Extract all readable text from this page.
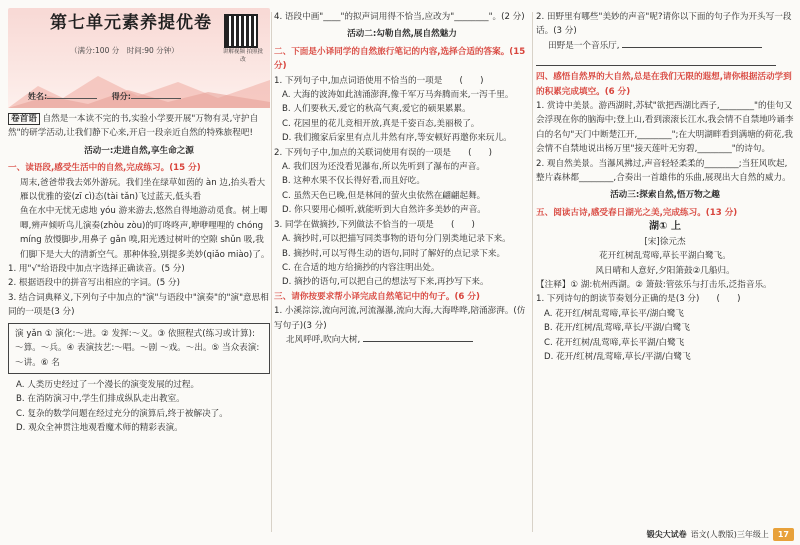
第七单元素养提优卷
（满分:100 分　时间:90 分钟）	讲解视频 拍照批改
姓名:	得分:
卷首语 自然是一本读不完的书,实验小学要开展"万物有灵,守护自然"的研学活动,让我们静下心来,开启一段亲近自然的特殊旅程吧!
活动一:走进自然,享生命之源
一、读语段,感受生活中的自然,完成练习。(15 分)
周末,爸爸带我去郊外游玩。我们坐在绿草如茵的 àn 边,抬头看大雁以优雅的姿(zī cì)态(tài tǎn)飞过蓝天,低头看
鱼在水中无忧无虑地 yóu 游来游去,悠然自得地游动觅食。树上唧唧,辨声倾听鸟儿演奏(zhòu zòu)的叮咚咚声,咿咿哩哩的 chóng míng 放慢脚步,用鼻子 gǎn 嗅,阳光透过树叶的空隙 shǔn 吸,我们脚下是大大的清新空气。那种体验,别提多美妙(qiǎo miào)了。
1. 用"√"给语段中加点字选择正确读音。(5 分)
2. 根据语段中的拼音写出相应的字词。(5 分)
3. 结合词典释义,下列句子中加点的"演"与语段中"演奏"的"演"意思相同的一项是(3 分)
演 yǎn ① 演化:～进。② 发挥:～义。③ 依照程式(练习或计算):～算。～兵。④ 表演技艺:～唱。～剧 ～戏。～出。⑤ 当众表演:～讲。⑥ 名
A. 人类历史经过了一个漫长的演变发展的过程。
B. 在消防演习中,学生们排成纵队走出教室。
C. 复杂的数学问题在经过充分的演算后,终于被解决了。
D. 观众全神贯注地观看魔术师的精彩表演。
4. 语段中画"____"的拟声词用得不恰当,应改为"________"。(2 分)
活动二:勾勒自然,展自然魅力
二、下面是小译同学的自然旅行笔记的内容,选择合适的答案。(15 分)
1. 下列句子中,加点词语使用不恰当的一项是　　(　　)
A. 大海的波涛如此汹涌澎湃,像千军万马奔腾而来,一泻千里。
B. 人们要秋天,爱它的秋高气爽,爱它的硕果累累。
C. 花园里的花儿竞相开放,真是千姿百态,美丽极了。
D. 我们搬家后家里有点儿井然有序,等安顿好再邀你来玩儿。
2. 下列句子中,加点的关联词使用有误的一项是　　(　　)
A. 我们因为还没看见瀑布,所以先听到了瀑布的声音。
B. 这种水果不仅长得好看,而且好吃。
C. 虽然天色已晚,但是林间的萤火虫依然在翩翩起舞。
D. 你只要用心倾听,就能听到大自然许多美妙的声音。
3. 同学在做摘抄,下列做法不恰当的一项是　　(　　)
A. 摘抄时,可以把描写同类事物的语句分门别类地记录下来。
B. 摘抄时,可以写得生动的语句,同时了解好的点记录下来。
C. 在合适的地方给摘抄的内容注明出处。
D. 摘抄的语句,可以把自己的想法写下来,再抄写下来。
三、请你按要求帮小译完成自然笔记中的句子。(6 分)
1. 小溪淙淙,流向河流,河流瀑瀑,流向大海,大海哗哗,陪涌澎湃。(仿写句子)(3 分)
北风呼呼,吹向大树,
2. 田野里有哪些"美妙的声音"呢?请你以下面的句子作为开头写一段话。(3 分)
田野是一个音乐厅,
四、感悟自然界的大自然,总是在我们无限的遐想,请你根据活动学到的积累完成填空。(6 分)
1. 赏诗中美景。游西湖时,苏轼"欲把西湖比西子,________"的佳句又会浮现在你的脑海中;登上山,看到滚滚长江水,我会情不自禁地吟诵李白的名句"天门中断楚江开,________";在大明湖畔看到满塘的荷花,我会情不自禁地说出杨万里"接天莲叶无穷碧,________"的诗句。
2. 观自然美景。当瀑风拂过,声音轻轻柔柔的________;当狂风吹起,整片森林都________,合奏出一首雄伟的乐曲,展现出大自然的威力。
活动三:探索自然,悟万物之趣
五、阅读古诗,感受春日湖光之美,完成练习。(13 分)
湖① 上
[宋]徐元杰
花开红树乱莺啼,草长平湖白鹭飞。
风日晴和人意好,夕阳箫鼓②几船归。
【注释】① 湖:杭州西湖。② 箫鼓:管弦乐与打击乐,泛指音乐。
1. 下列诗句的朗读节奏划分正确的是(3 分)　　(　　)
A. 花开红/树乱莺啼,草长平/湖白鹭飞
B. 花开/红树/乱莺啼,草长/平湖/白鹭飞
C. 花开红树/乱莺啼,草长平湖/白鹭飞
D. 花开/红树/乱莺啼,草长/平湖/白鹭飞
锻尖大试卷 语文(人教版)三年级上	17
